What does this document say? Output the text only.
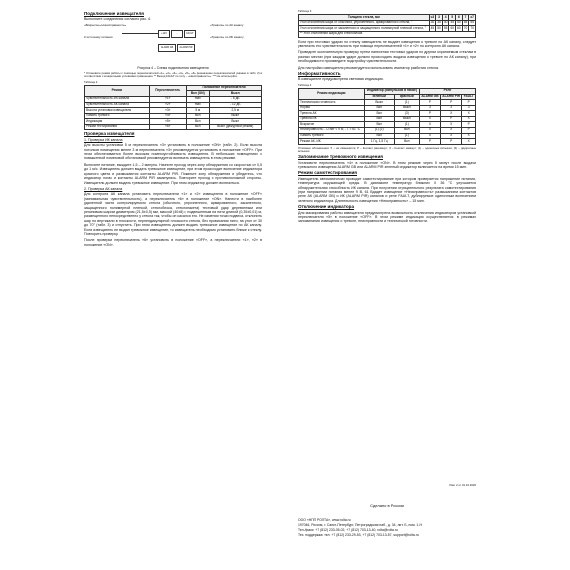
Подключение извещателя

Выполните соединения согласно рис. 4.

«Вскрытие»/«Неисправность»
К источнику питания
«Тревога» по АК каналу
«Тревога» по ИК каналу
+12V	-	FAULT
ALARM GB	ALARM PIR
Рисунок 4 – Схема подключения извещателя

* Установите режим работы с помощью переключателей «1», «2», «3», «4», «5», «6» (назначение переключателей указано в табл. 2) в соответствии с конкретными условиями применения. ** Выход FAULT по типу – «Неисправность». *** Не используйте.

Таблица 2
Режим	Переключатель	Положение переключателя	
		Вкл (ON)	Выкл
Чувствительность ИК канала	«1»	max	- 6 дБ
Чувствительность АК канала	«2»	max	- 12 дБ
Высота установки извещателя	«3»	5 м	2,5 м
Память тревоги	«4»	Вкл	Выкл
Индикация	«5»	Вкл	Выкл
Режим тестирования	«6»	Вкл	Выкл (дежурный режим)
Проверка извещателя
1. Проверка ИК канала

Для высоты установки 5 м переключатель «3» установить в положение «ON» (табл. 2). Если высота потолков помещения менее 3 м переключатель «3» рекомендуется установить в положение «OFF». При этом обеспечивается более высокая помехоустойчивость извещателя. В небольших помещениях с повышенной помеховой обстановкой рекомендуется включать извещатель в этом режиме.

Включите питание, выждите 1,5 – 2 минуты. Начните проход через зону обнаружения со скоростью от 0,5 до 1 м/с. Извещатель должен выдать тревожное извещение, при этом происходит включение индикатора красного цвета и размыкаются контакты ALARM PIR. Покиньте зону обнаружения и убедитесь, что индикатор погас и контакты ALARM PIR замкнулись. Повторите проход с противоположной стороны. Извещатель должен выдать тревожное извещение. При этом индикатор должен включиться.

2. Проверка АК канала

Для контроля АК канала установить переключатели «1» и «2» извещателя в положение «OFF» (минимальная чувствительность), а переключатель «6» в положение «ON». Нанести в наиболее удаленной части контролируемого стекла (обычного, упрочненного, армированного, закаленного, защищенного полимерной пленкой, стеклоблока, стеклопакета) тестовый удар деревянным или резиновым шаром диаметром (21,5±0,5) мм, массой (40±8) г, подвешенным на нити длиной (0,35±0,01) м, размещенного непосредственно у стекла так, чтобы он касался его. Не изменяя точки подвеса, отклонить шар по вертикали в плоскости, перпендикулярной плоскости стекла, без провисания нити, на угол от 30 до 70° (табл. 3) и отпустить. При этом извещатель должен выдать тревожное извещение по АК каналу. Если извещатель не выдал тревожное извещение, то извещатель необходимо установить ближе к стеклу. Повторить проверку.

После проверки переключатель «6» установить в положение «OFF», а переключатели «1», «2» в положение «ON».

Таблица 3
Толщина стекла, мм	≤3	3	4	5	6	7	≥7
Угол отклонения шара от обычного, упрочнённого, армированного стекла, °	30	35	40	45	50	55	55
Угол отклонения шара от закаленного и защищенного полимерной пленкой стекла, °	45	50	55	60	60	70	70
** Угол отклонения шара для стеклоблока							

Если при тестовых ударах по стеклу извещатель не выдает извещения о тревоге по АК каналу, следует увеличить его чувствительность при помощи переключателей «1» и «2» по контролю АК канала.

Проведите окончательную проверку путем нанесения тестовых ударов по другим охраняемым стеклам в разных местах (при каждом ударе должно происходить выдача извещения о тревоге по АК каналу), при необходимости произведите подстройку чувствительности.

Для настройки извещателя рекомендуется использовать имитатор разбития стекла.

Информативность

В извещателе предусмотрена световая индикация.

Таблица 4
Режим индикации	Индикатор (импульсов в пачке)		Реле		
	зеленый	красный	ALARM GB	ALARM PIR	FAULT
Техническая готовность	Выкл	(1)	Р	Р	Р
Норма	Вкл	Выкл	З	З	З
Тревога АК	Вкл	(3)	Р	Х	Х
Тревога ИК	Вкл	Выкл	Х	Р	Х
Вскрытие	Вкл	(1)	Х	Х	Р
Неисправность: - U пит < 9 В; - T > 61 °С	(1) (2)	Вкл	Х	Х	Р
Память тревоги	Вкл	(1)	Х	Х	Х
Режим АК, ИК	1 Гц, 1,5 Гц	Вкл	Р	Р	Х

Условные обозначения: Х – не изменяется; Р – Контакт разомкнут; З – Контакт замкнут; (1) – одиночные вспышки; (2) – двукратные вспышки

Запоминание тревожного извещения

Установите переключатель «4» в положение «ON». В этом режиме через 5 минут после выдачи тревожного извещения ALARM GB или ALARM PIR зеленый индикатор включается на время 15 мин.

Режим самотестирования

Извещатель автоматически проводит самотестирование при котором проверяется напряжение питания, температура окружающей среды. В диапазоне температур ближних Х 36 °С улучшается обнаружительная способность ИК канала. При получении отрицательного результата самотестирования (при напряжении питания менее 9 В, 61 Вдадет извещение «Неисправность» размыканием контактов реле АК (ALARM GB) и ИК (ALARM PIR) каналов и реле FAULT, дублируемое одиночным включением зеленого индикатора. Длительность извещения «Неисправность» – 15 мин.

Отключение индикатора

Для маскирования работы извещателя предусмотрена возможность отключения индикаторов установкой переключателя «5» в положение «OFF». В этом режиме индикация осуществляется: в режимах запоминания извещения о тревоге, неисправности и технической готовности.

Изм. 2 от 01.10.2020
Сделано в России
ООО «НПП РОЛТА», www.rolta.ru
197046, Россия, г. Санкт-Петербург, Петроградская наб., д. 34, лит. Б, пом. 1-Н
Тел./факс: +7 (812) 233-05-02, +7 (812) 703-13-40, rolta@rolta.ru
Тех. поддержка: тел. +7 (812) 233-29-53, +7 (812) 703-13-57, support@rolta.ru
